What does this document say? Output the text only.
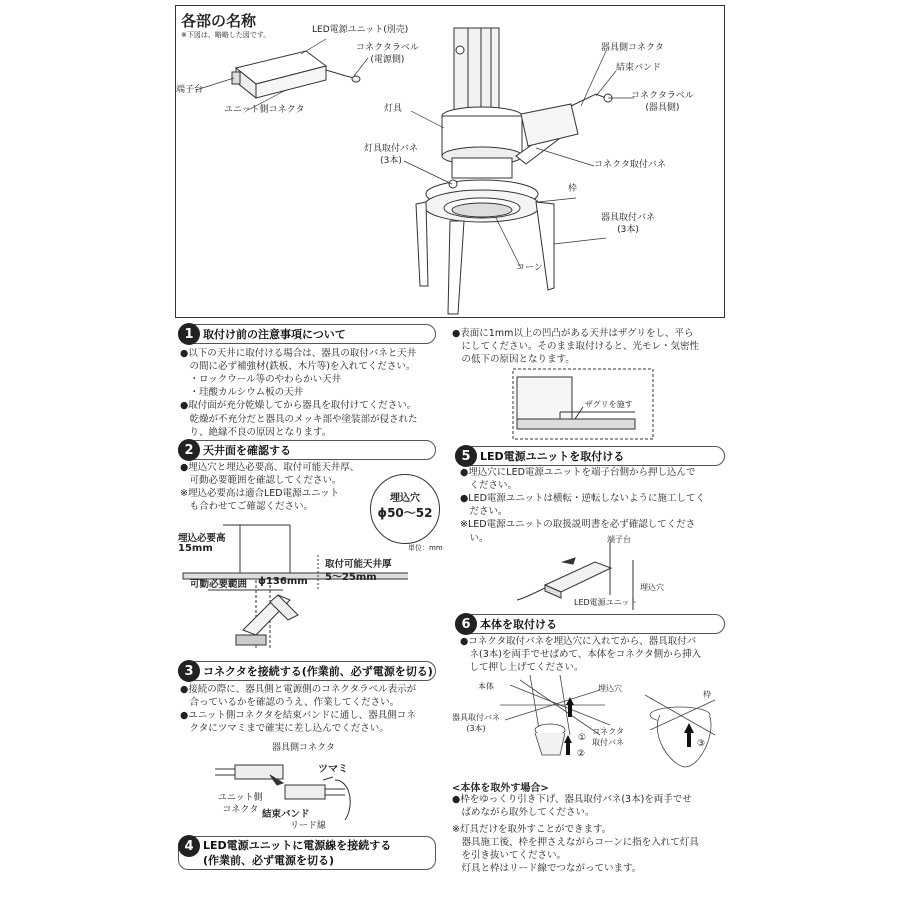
各部の名称
※下図は、略略した図です。	LED電源ユニット(別売)
コネクタラベル
(電源側)
端子台
ユニット側コネクタ	灯具
灯具取付バネ
(3本)
器具側コネクタ
結束バンド
コネクタラベル
(器具側)
コネクタ取付バネ
枠
器具取付バネ
(3本)
コーン
1 取付け前の注意事項について
●以下の天井に取付ける場合は、器具の取付バネと天井
　の間に必ず補強材(鉄板、木片等)を入れてください。
　・ロックウール等のやわらかい天井
　・珪酸カルシウム板の天井
●取付面が充分乾燥してから器具を取付けてください。
　乾燥が不充分だと器具のメッキ部や塗装部が侵された
　り、絶縁不良の原因となります。
2 天井面を確認する
●埋込穴と埋込必要高、取付可能天井厚、
　可動必要範囲を確認してください。
※埋込必要高は適合LED電源ユニット
　も合わせてご確認ください。
埋込穴
ϕ50〜52
単位：mm
埋込必要高
15mm
取付可能天井厚
5〜25mm
可動必要範囲 ϕ136mm
3 コネクタを接続する(作業前、必ず電源を切る)
●接続の際に、器具側と電源側のコネクタラベル表示が
　合っているかを確認のうえ、作業してください。
●ユニット側コネクタを結束バンドに通し、器具側コネ
　クタにツマミまで確実に差し込んでください。
器具側コネクタ
ツマミ
ユニット側
コネクタ 結束バンド
リード線
4 LED電源ユニットに電源線を接続する
(作業前、必ず電源を切る)
●表面に1mm以上の凹凸がある天井はザグリをし、平ら
　にしてください。そのまま取付けると、光モレ・気密性
　の低下の原因となります。
ザグリを施す
5 LED電源ユニットを取付ける
●埋込穴にLED電源ユニットを端子台側から押し込んで
　ください。
●LED電源ユニットは横転・逆転しないように施工してく
　ださい。
※LED電源ユニットの取扱説明書を必ず確認してくださ
　い。	端子台
埋込穴
LED電源ユニット
6 本体を取付ける
●コネクタ取付バネを埋込穴に入れてから、器具取付バ
　ネ(3本)を両手でせばめて、本体をコネクタ側から挿入
　して押し上げてください。
本体	埋込穴
器具取付バネ
(3本)	コネクタ
取付バネ
枠
①
②
③
<本体を取外す場合>
●枠をゆっくり引き下げ、器具取付バネ(3本)を両手でせ
　ばめながら取外してください。
※灯具だけを取外すことができます。
　器具施工後、枠を押さえながらコーンに指を入れて灯具
　を引き抜いてください。
　灯具と枠はリード線でつながっています。
